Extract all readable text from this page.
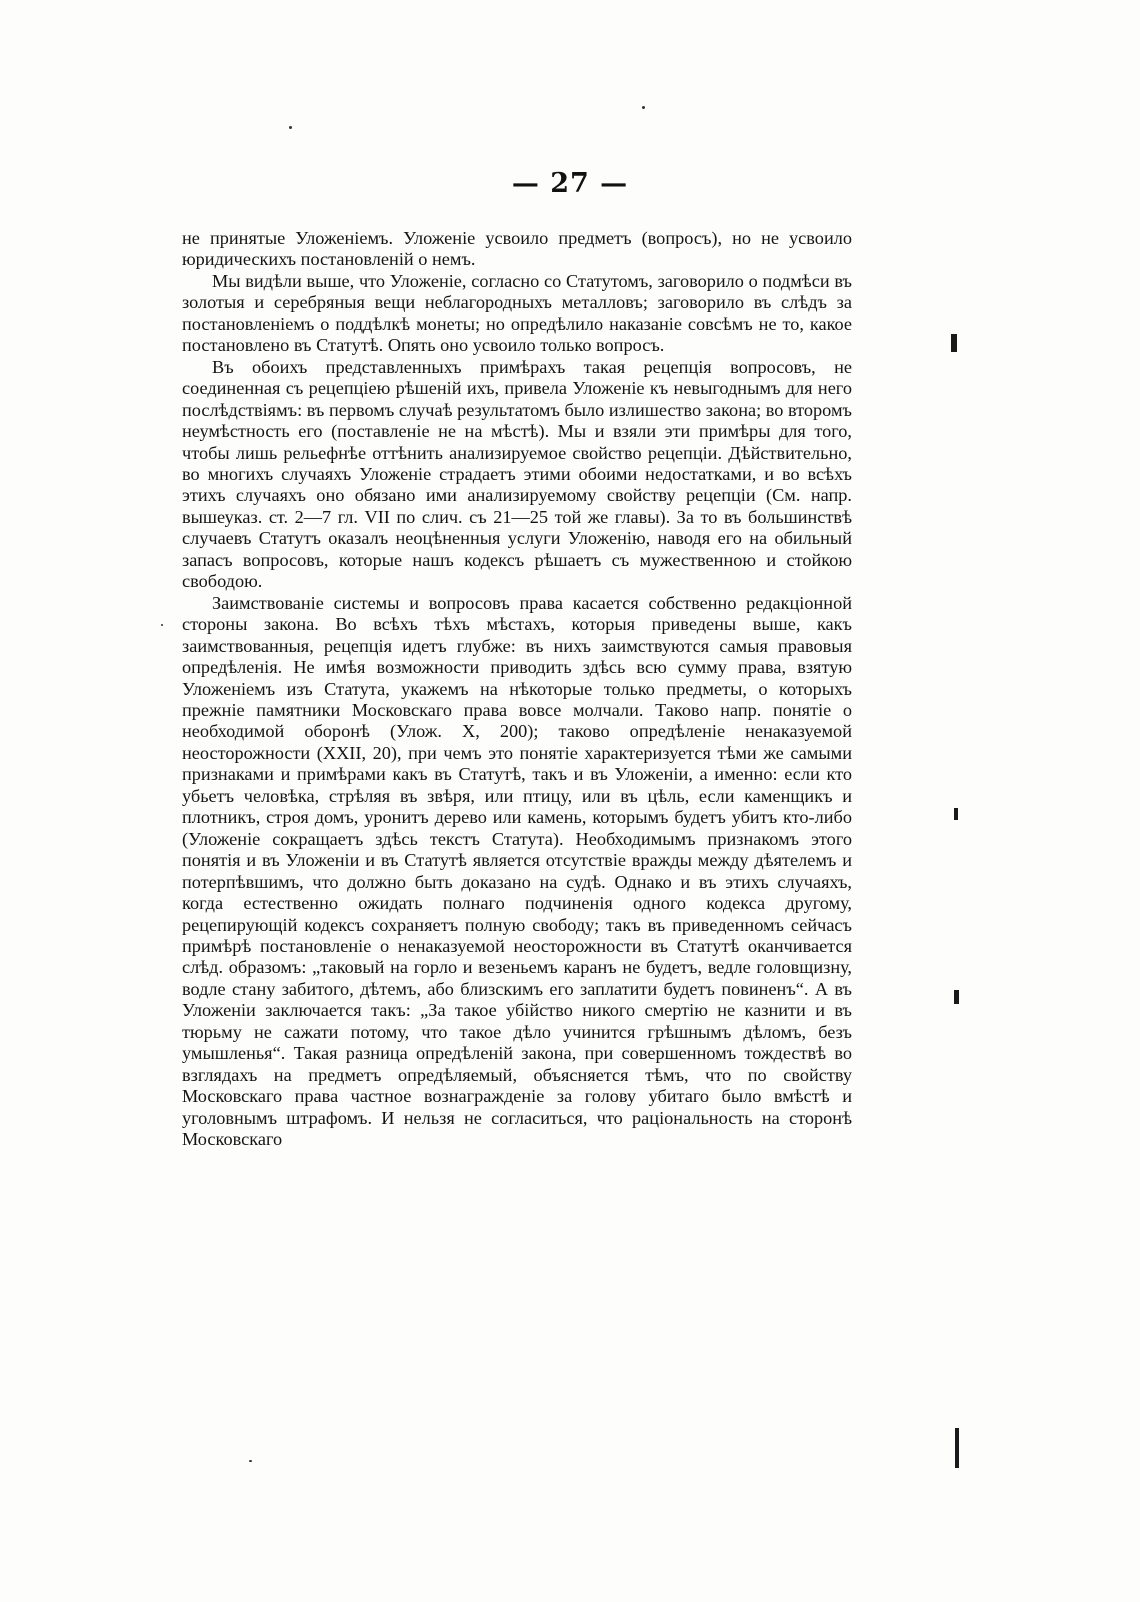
— 27 —

не принятые Уложеніемъ. Уложеніе усвоило предметъ (вопросъ), но не усвоило юридическихъ постановленій о немъ.

Мы видѣли выше, что Уложеніе, согласно со Статутомъ, заговорило о подмѣси въ золотыя и серебряныя вещи неблагородныхъ металловъ; заговорило въ слѣдъ за постановленіемъ о поддѣлкѣ монеты; но опредѣлило наказаніе совсѣмъ не то, какое постановлено въ Статутѣ. Опять оно усвоило только вопросъ.

Въ обоихъ представленныхъ примѣрахъ такая рецепція вопросовъ, не соединенная съ рецепціею рѣшеній ихъ, привела Уложеніе къ невыгоднымъ для него послѣдствіямъ: въ первомъ случаѣ результатомъ было излишество закона; во второмъ неумѣстность его (поставленіе не на мѣстѣ). Мы и взяли эти примѣры для того, чтобы лишь рельефнѣе оттѣнить анализируемое свойство рецепціи. Дѣйствительно, во многихъ случаяхъ Уложеніе страдаетъ этими обоими недостатками, и во всѣхъ этихъ случаяхъ оно обязано ими анализируемому свойству рецепціи (См. напр. вышеуказ. ст. 2—7 гл. VII по слич. съ 21—25 той же главы). За то въ большинствѣ случаевъ Статутъ оказалъ неоцѣненныя услуги Уложенію, наводя его на обильный запасъ вопросовъ, которые нашъ кодексъ рѣшаетъ съ мужественною и стойкою свободою.

Заимствованіе системы и вопросовъ права касается собственно редакціонной стороны закона. Во всѣхъ тѣхъ мѣстахъ, которыя приведены выше, какъ заимствованныя, рецепція идетъ глубже: въ нихъ заимствуются самыя правовыя опредѣленія. Не имѣя возможности приводить здѣсь всю сумму права, взятую Уложеніемъ изъ Статута, укажемъ на нѣкоторые только предметы, о которыхъ прежніе памятники Московскаго права вовсе молчали. Таково напр. понятіе о необходимой обоpонѣ (Улож. X, 200); таково опредѣленіе ненаказуемой неосторожности (XXII, 20), при чемъ это понятіе характеризуется тѣми же самыми признаками и примѣрами какъ въ Статутѣ, такъ и въ Уложеніи, а именно: если кто убьетъ человѣка, стрѣляя въ звѣря, или птицу, или въ цѣль, если каменщикъ и плотникъ, строя домъ, уронитъ дерево или камень, которымъ будетъ убитъ кто-либо (Уложеніе сокращаетъ здѣсь текстъ Статута). Необходимымъ признакомъ этого понятія и въ Уложеніи и въ Статутѣ является отсутствіе вражды между дѣятелемъ и потерпѣвшимъ, что должно быть доказано на судѣ. Однако и въ этихъ случаяхъ, когда естественно ожидать полнаго подчиненія одного кодекса другому, рецепирующій кодексъ сохраняетъ полную свободу; такъ въ приведенномъ сейчасъ примѣрѣ постановленіе о ненаказуемой неосторожности въ Статутѣ оканчивается слѣд. образомъ: „таковый на горло и везеньемъ каранъ не будетъ, ведле головщизну, водле стану забитого, дѣтемъ, або близскимъ его заплатити будетъ повиненъ“. А въ Уложеніи заключается такъ: „За такое убійство никого смертію не казнити и въ тюрьму не сажати потому, что такое дѣло учинится грѣшнымъ дѣломъ, безъ умышленья“. Такая разница опредѣленій закона, при совершенномъ тождествѣ во взглядахъ на предметъ опредѣляемый, объясняется тѣмъ, что по свойству Московскаго права частное вознагражденіе за голову убитаго было вмѣстѣ и уголовнымъ штрафомъ. И нельзя не согласиться, что раціональность на сторонѣ Московскаго
